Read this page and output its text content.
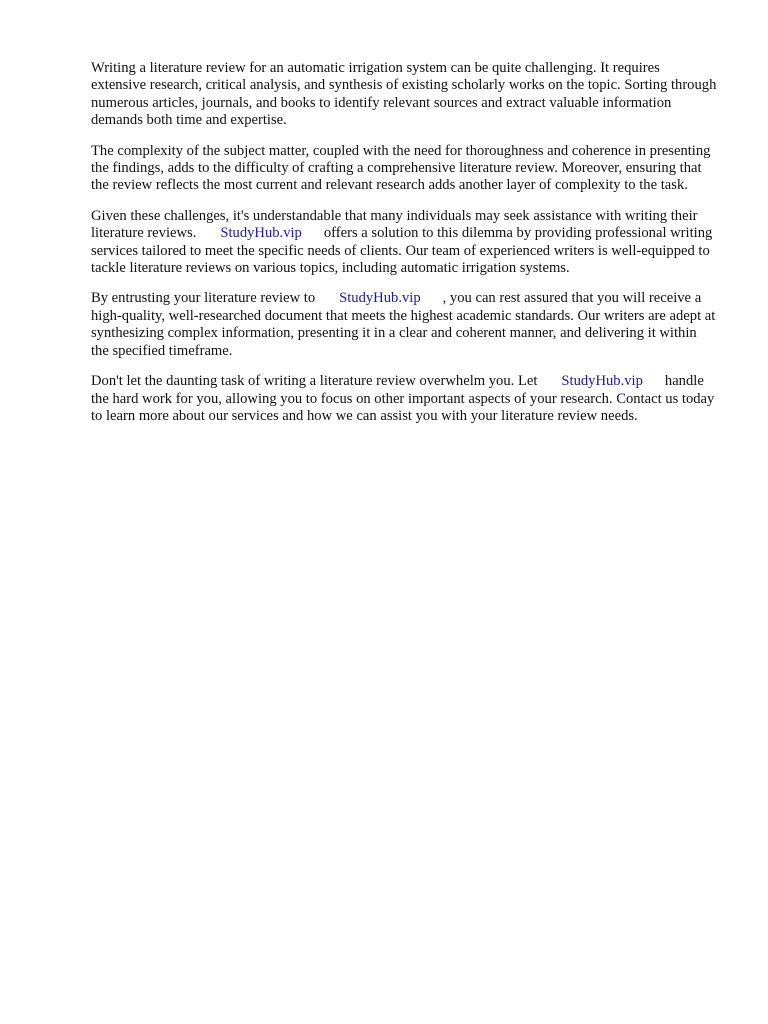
Writing a literature review for an automatic irrigation system can be quite challenging. It requires extensive research, critical analysis, and synthesis of existing scholarly works on the topic. Sorting through numerous articles, journals, and books to identify relevant sources and extract valuable information demands both time and expertise.

The complexity of the subject matter, coupled with the need for thoroughness and coherence in presenting the findings, adds to the difficulty of crafting a comprehensive literature review. Moreover, ensuring that the review reflects the most current and relevant research adds another layer of complexity to the task.

Given these challenges, it's understandable that many individuals may seek assistance with writing their literature reviews. StudyHub.vip offers a solution to this dilemma by providing professional writing services tailored to meet the specific needs of clients. Our team of experienced writers is well-equipped to tackle literature reviews on various topics, including automatic irrigation systems.

By entrusting your literature review to StudyHub.vip , you can rest assured that you will receive a high-quality, well-researched document that meets the highest academic standards. Our writers are adept at synthesizing complex information, presenting it in a clear and coherent manner, and delivering it within the specified timeframe.

Don't let the daunting task of writing a literature review overwhelm you. Let StudyHub.vip handle the hard work for you, allowing you to focus on other important aspects of your research. Contact us today to learn more about our services and how we can assist you with your literature review needs.
